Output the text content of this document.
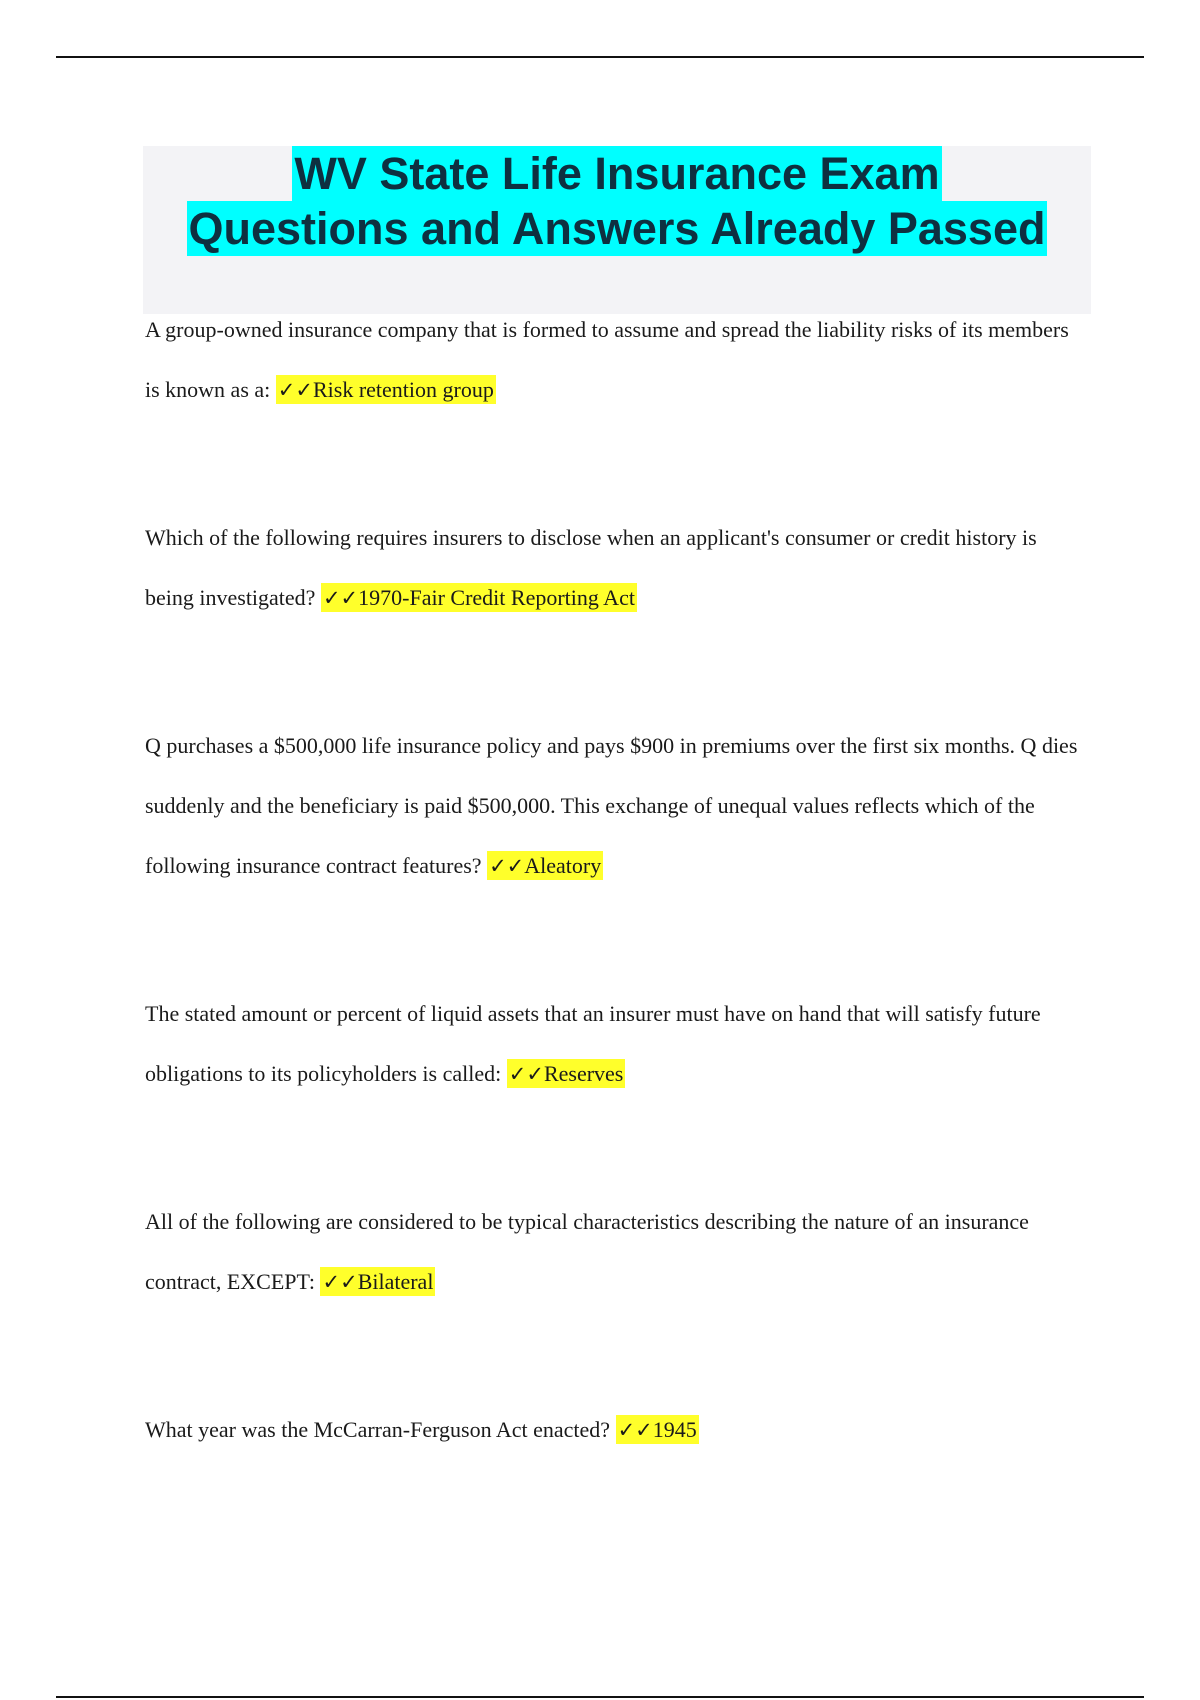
WV State Life Insurance Exam
Questions and Answers Already Passed

A group-owned insurance company that is formed to assume and spread the liability risks of its members is known as a: ✓✓Risk retention group

Which of the following requires insurers to disclose when an applicant's consumer or credit history is being investigated? ✓✓1970-Fair Credit Reporting Act

Q purchases a $500,000 life insurance policy and pays $900 in premiums over the first six months. Q dies suddenly and the beneficiary is paid $500,000. This exchange of unequal values reflects which of the following insurance contract features? ✓✓Aleatory

The stated amount or percent of liquid assets that an insurer must have on hand that will satisfy future obligations to its policyholders is called: ✓✓Reserves

All of the following are considered to be typical characteristics describing the nature of an insurance contract, EXCEPT: ✓✓Bilateral

What year was the McCarran-Ferguson Act enacted? ✓✓1945
